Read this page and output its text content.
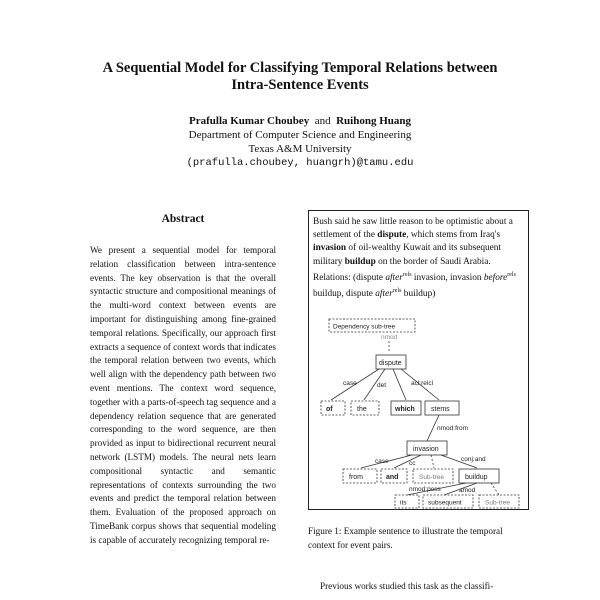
A Sequential Model for Classifying Temporal Relations between
Intra-Sentence Events
Prafulla Kumar Choubey and Ruihong Huang
Department of Computer Science and Engineering
Texas A&M University
(prafulla.choubey, huangrh)@tamu.edu
Abstract

We present a sequential model for temporal relation classification between intra-sentence events. The key observation is that the overall syntactic structure and compositional meanings of the multi-word context between events are important for distinguishing among fine-grained temporal relations. Specifically, our approach first extracts a sequence of context words that indicates the temporal relation between two events, which well align with the dependency path between two event mentions. The context word sequence, together with a parts-of-speech tag sequence and a dependency relation sequence that are generated corresponding to the word sequence, are then provided as input to bidirectional recurrent neural network (LSTM) models. The neural nets learn compositional syntactic and semantic representations of contexts surrounding the two events and predict the temporal relation between them. Evaluation of the proposed approach on TimeBank corpus shows that sequential modeling is capable of accurately recognizing temporal re-

Bush said he saw little reason to be optimistic about a settlement of the dispute, which stems from Iraq's invasion of oil-wealthy Kuwait and its subsequent military buildup on the border of Saudi Arabia.
Relations: (dispute after$^{rels}$ invasion, invasion before$^{rels}$ buildup, dispute after$^{rels}$ buildup)
Dependency sub-tree
nmod
dispute
case	det	acl:relcl
of	the	which stems
nmod:from
invasion
case	cc
conj:and
from	and	Sub-tree	buildup
nmod:poss	amod
its	subsequent	Sub-tree
Figure 1: Example sentence to illustrate the temporal context for event pairs.
Previous works studied this task as the classifi-
